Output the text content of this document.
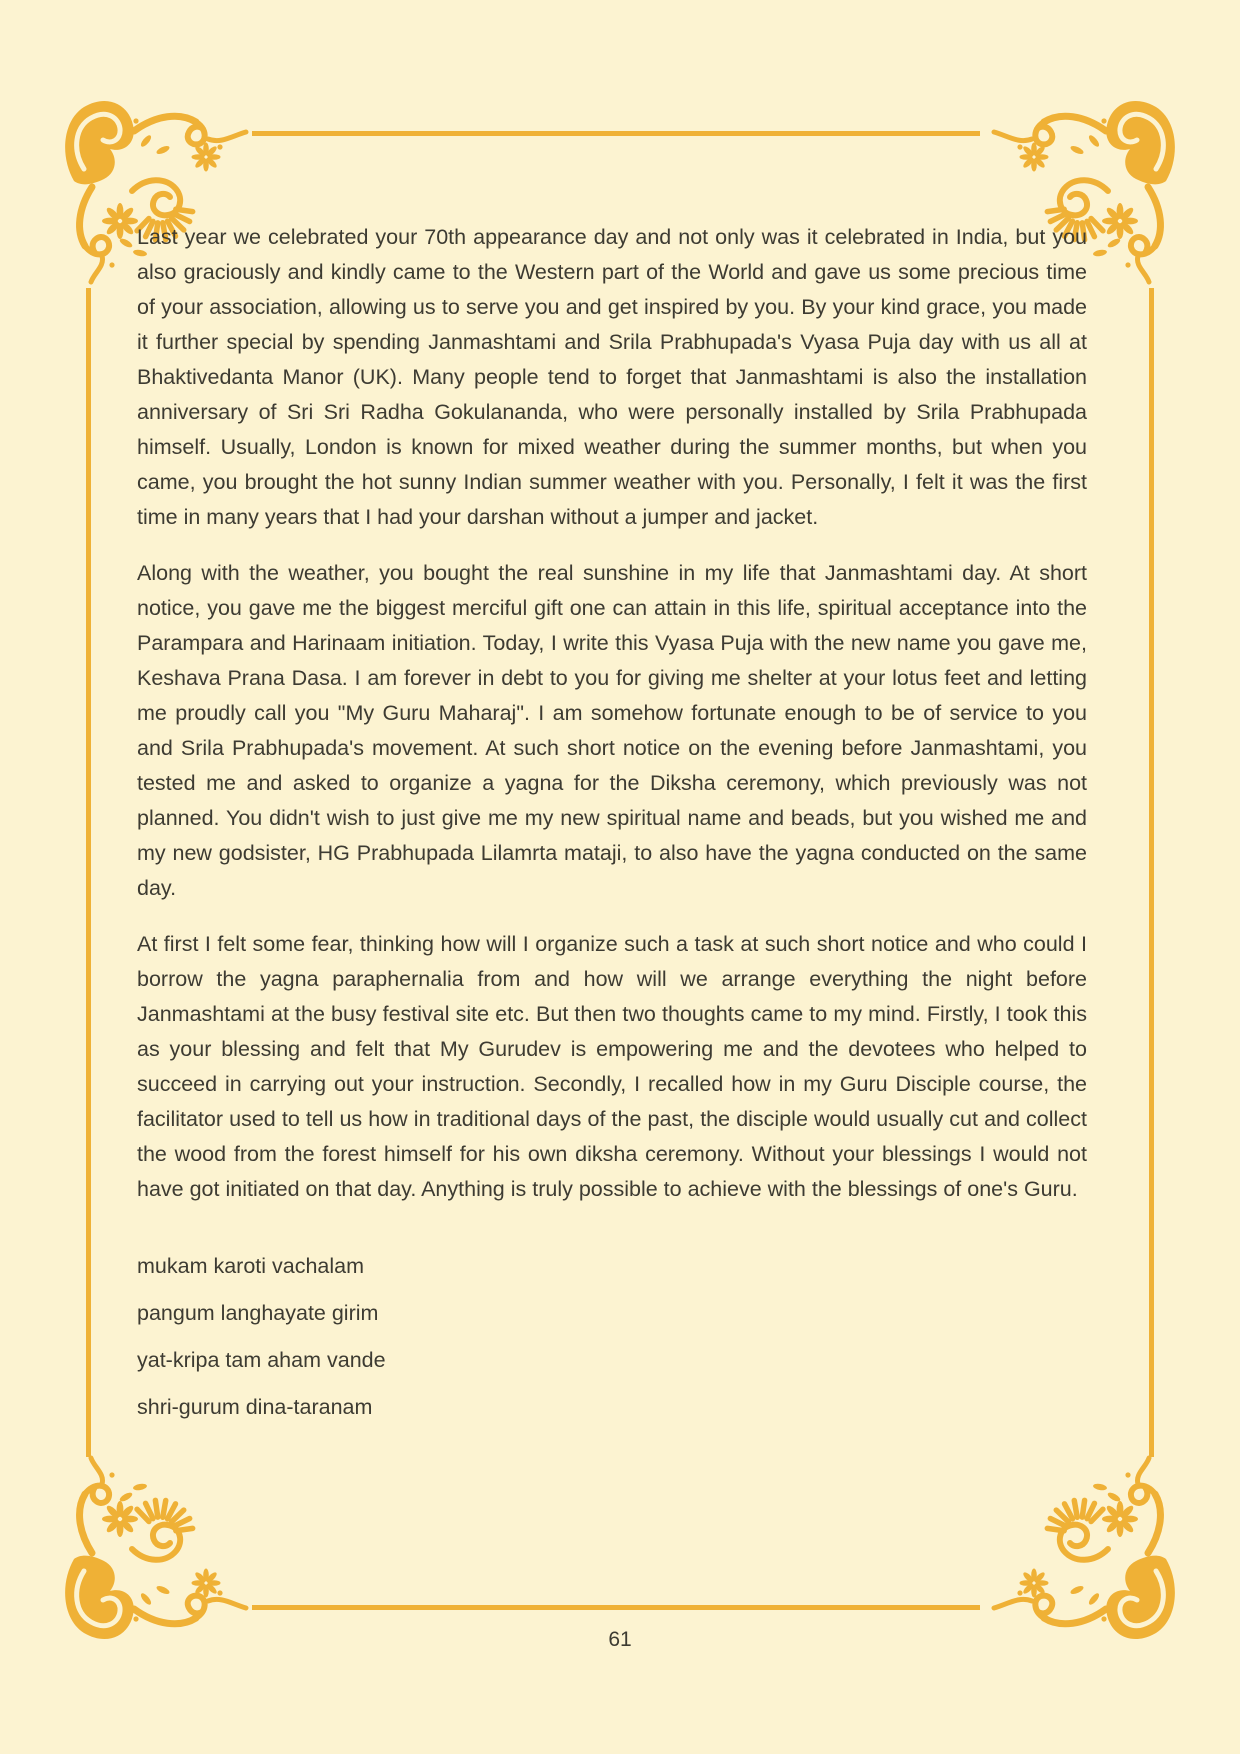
Last year we celebrated your 70th appearance day and not only was it celebrated in India, but you also graciously and kindly came to the Western part of the World and gave us some precious time of your association, allowing us to serve you and get inspired by you. By your kind grace, you made it further special by spending Janmashtami and Srila Prabhupada's Vyasa Puja day with us all at Bhaktivedanta Manor (UK). Many people tend to forget that Janmashtami is also the installation anniversary of Sri Sri Radha Gokulananda, who were personally installed by Srila Prabhupada himself. Usually, London is known for mixed weather during the summer months, but when you came, you brought the hot sunny Indian summer weather with you. Personally, I felt it was the first time in many years that I had your darshan without a jumper and jacket.

Along with the weather, you bought the real sunshine in my life that Janmashtami day. At short notice, you gave me the biggest merciful gift one can attain in this life, spiritual acceptance into the Parampara and Harinaam initiation. Today, I write this Vyasa Puja with the new name you gave me, Keshava Prana Dasa. I am forever in debt to you for giving me shelter at your lotus feet and letting me proudly call you "My Guru Maharaj". I am somehow fortunate enough to be of service to you and Srila Prabhupada's movement. At such short notice on the evening before Janmashtami, you tested me and asked to organize a yagna for the Diksha ceremony, which previously was not planned. You didn't wish to just give me my new spiritual name and beads, but you wished me and my new godsister, HG Prabhupada Lilamrta mataji, to also have the yagna conducted on the same day.

At first I felt some fear, thinking how will I organize such a task at such short notice and who could I borrow the yagna paraphernalia from and how will we arrange everything the night before Janmashtami at the busy festival site etc. But then two thoughts came to my mind. Firstly, I took this as your blessing and felt that My Gurudev is empowering me and the devotees who helped to succeed in carrying out your instruction. Secondly, I recalled how in my Guru Disciple course, the facilitator used to tell us how in traditional days of the past, the disciple would usually cut and collect the wood from the forest himself for his own diksha ceremony. Without your blessings I would not have got initiated on that day. Anything is truly possible to achieve with the blessings of one's Guru.

mukam karoti vachalam

pangum langhayate girim

yat-kripa tam aham vande

shri-gurum dina-taranam

61
